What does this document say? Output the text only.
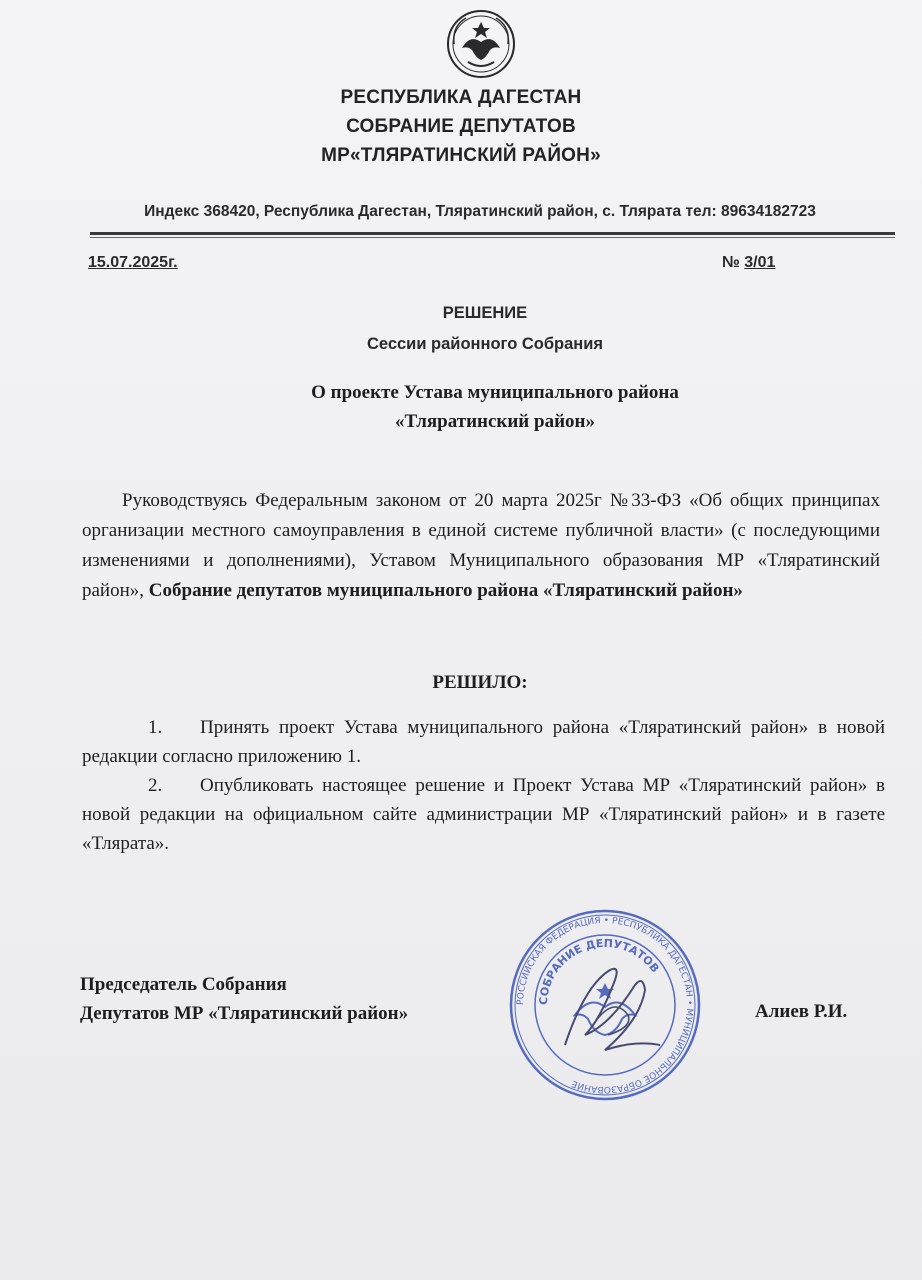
РЕСПУБЛИКА ДАГЕСТАН
СОБРАНИЕ ДЕПУТАТОВ
МР«ТЛЯРАТИНСКИЙ РАЙОН»
Индекс 368420, Республика Дагестан, Тляратинский район, с. Тлярата тел: 89634182723
15.07.2025г.	№ 3/01
РЕШЕНИЕ
Сессии районного Собрания
О проекте Устава муниципального района
«Тляратинский район»
Руководствуясь Федеральным законом от 20 марта 2025г №33-ФЗ «Об общих принципах организации местного самоуправления в единой системе публичной власти» (с последующими изменениями и дополнениями), Уставом Муниципального образования МР «Тляратинский район», Собрание депутатов муниципального района «Тляратинский район»
РЕШИЛО:
1. Принять проект Устава муниципального района «Тляратинский район» в новой редакции согласно приложению 1.
2. Опубликовать настоящее решение и Проект Устава МР «Тляратинский район» в новой редакции на официальном сайте администрации МР «Тляратинский район» и в газете «Тлярата».
РОССИЙСКАЯ ФЕДЕРАЦИЯ • РЕСПУБЛИКА ДАГЕСТАН • МУНИЦИПАЛЬНОЕ ОБРАЗОВАНИЕ
СОБРАНИЕ ДЕПУТАТОВ
Председатель Собрания
Депутатов МР «Тляратинский район»	Алиев Р.И.
